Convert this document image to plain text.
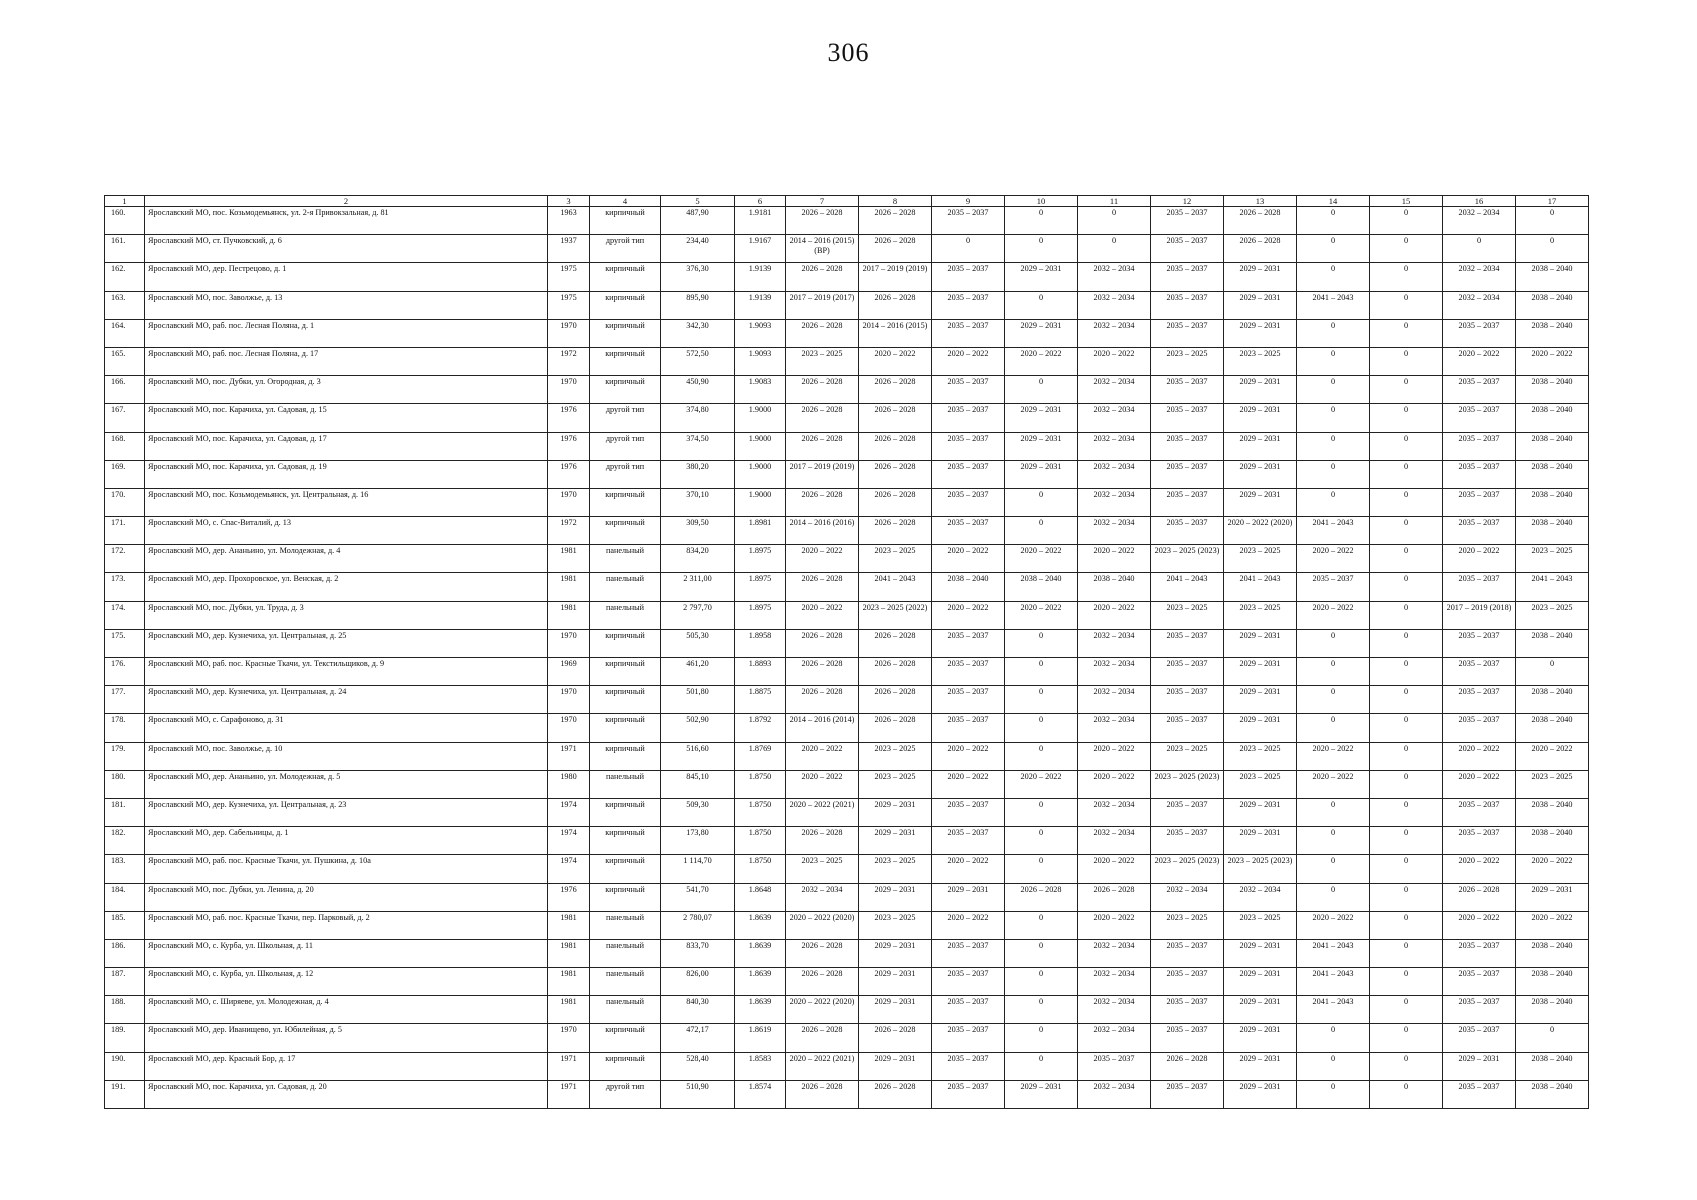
306
1	2	3	4	5	6	7	8	9	10	11	12	13	14	15	16	17
160.	Ярославский МО, пос. Козьмодемьянск, ул. 2-я Привокзальная, д. 81	1963	кирпичный	487,90	1.9181	2026 – 2028	2026 – 2028	2035 – 2037	0	0	2035 – 2037	2026 – 2028	0	0	2032 – 2034	0
161.	Ярославский МО, ст. Пучковский, д. 6	1937	другой тип	234,40	1.9167	2014 – 2016 (2015) (ВР)	2026 – 2028	0	0	0	2035 – 2037	2026 – 2028	0	0	0	0
162.	Ярославский МО, дер. Пестрецово, д. 1	1975	кирпичный	376,30	1.9139	2026 – 2028	2017 – 2019 (2019)	2035 – 2037	2029 – 2031	2032 – 2034	2035 – 2037	2029 – 2031	0	0	2032 – 2034	2038 – 2040
163.	Ярославский МО, пос. Заволжье, д. 13	1975	кирпичный	895,90	1.9139	2017 – 2019 (2017)	2026 – 2028	2035 – 2037	0	2032 – 2034	2035 – 2037	2029 – 2031	2041 – 2043	0	2032 – 2034	2038 – 2040
164.	Ярославский МО, раб. пос. Лесная Поляна, д. 1	1970	кирпичный	342,30	1.9093	2026 – 2028	2014 – 2016 (2015)	2035 – 2037	2029 – 2031	2032 – 2034	2035 – 2037	2029 – 2031	0	0	2035 – 2037	2038 – 2040
165.	Ярославский МО, раб. пос. Лесная Поляна, д. 17	1972	кирпичный	572,50	1.9093	2023 – 2025	2020 – 2022	2020 – 2022	2020 – 2022	2020 – 2022	2023 – 2025	2023 – 2025	0	0	2020 – 2022	2020 – 2022
166.	Ярославский МО, пос. Дубки, ул. Огородная, д. 3	1970	кирпичный	450,90	1.9083	2026 – 2028	2026 – 2028	2035 – 2037	0	2032 – 2034	2035 – 2037	2029 – 2031	0	0	2035 – 2037	2038 – 2040
167.	Ярославский МО, пос. Карачиха, ул. Садовая, д. 15	1976	другой тип	374,80	1.9000	2026 – 2028	2026 – 2028	2035 – 2037	2029 – 2031	2032 – 2034	2035 – 2037	2029 – 2031	0	0	2035 – 2037	2038 – 2040
168.	Ярославский МО, пос. Карачиха, ул. Садовая, д. 17	1976	другой тип	374,50	1.9000	2026 – 2028	2026 – 2028	2035 – 2037	2029 – 2031	2032 – 2034	2035 – 2037	2029 – 2031	0	0	2035 – 2037	2038 – 2040
169.	Ярославский МО, пос. Карачиха, ул. Садовая, д. 19	1976	другой тип	380,20	1.9000	2017 – 2019 (2019)	2026 – 2028	2035 – 2037	2029 – 2031	2032 – 2034	2035 – 2037	2029 – 2031	0	0	2035 – 2037	2038 – 2040
170.	Ярославский МО, пос. Козьмодемьянск, ул. Центральная, д. 16	1970	кирпичный	370,10	1.9000	2026 – 2028	2026 – 2028	2035 – 2037	0	2032 – 2034	2035 – 2037	2029 – 2031	0	0	2035 – 2037	2038 – 2040
171.	Ярославский МО, с. Спас-Виталий, д. 13	1972	кирпичный	309,50	1.8981	2014 – 2016 (2016)	2026 – 2028	2035 – 2037	0	2032 – 2034	2035 – 2037	2020 – 2022 (2020)	2041 – 2043	0	2035 – 2037	2038 – 2040
172.	Ярославский МО, дер. Ананьино, ул. Молодежная, д. 4	1981	панельный	834,20	1.8975	2020 – 2022	2023 – 2025	2020 – 2022	2020 – 2022	2020 – 2022	2023 – 2025 (2023)	2023 – 2025	2020 – 2022	0	2020 – 2022	2023 – 2025
173.	Ярославский МО, дер. Прохоровское, ул. Венская, д. 2	1981	панельный	2 311,00	1.8975	2026 – 2028	2041 – 2043	2038 – 2040	2038 – 2040	2038 – 2040	2041 – 2043	2041 – 2043	2035 – 2037	0	2035 – 2037	2041 – 2043
174.	Ярославский МО, пос. Дубки, ул. Труда, д. 3	1981	панельный	2 797,70	1.8975	2020 – 2022	2023 – 2025 (2022)	2020 – 2022	2020 – 2022	2020 – 2022	2023 – 2025	2023 – 2025	2020 – 2022	0	2017 – 2019 (2018)	2023 – 2025
175.	Ярославский МО, дер. Кузнечиха, ул. Центральная, д. 25	1970	кирпичный	505,30	1.8958	2026 – 2028	2026 – 2028	2035 – 2037	0	2032 – 2034	2035 – 2037	2029 – 2031	0	0	2035 – 2037	2038 – 2040
176.	Ярославский МО, раб. пос. Красные Ткачи, ул. Текстильщиков, д. 9	1969	кирпичный	461,20	1.8893	2026 – 2028	2026 – 2028	2035 – 2037	0	2032 – 2034	2035 – 2037	2029 – 2031	0	0	2035 – 2037	0
177.	Ярославский МО, дер. Кузнечиха, ул. Центральная, д. 24	1970	кирпичный	501,80	1.8875	2026 – 2028	2026 – 2028	2035 – 2037	0	2032 – 2034	2035 – 2037	2029 – 2031	0	0	2035 – 2037	2038 – 2040
178.	Ярославский МО, с. Сарафоново, д. 31	1970	кирпичный	502,90	1.8792	2014 – 2016 (2014)	2026 – 2028	2035 – 2037	0	2032 – 2034	2035 – 2037	2029 – 2031	0	0	2035 – 2037	2038 – 2040
179.	Ярославский МО, пос. Заволжье, д. 10	1971	кирпичный	516,60	1.8769	2020 – 2022	2023 – 2025	2020 – 2022	0	2020 – 2022	2023 – 2025	2023 – 2025	2020 – 2022	0	2020 – 2022	2020 – 2022
180.	Ярославский МО, дер. Ананьино, ул. Молодежная, д. 5	1980	панельный	845,10	1.8750	2020 – 2022	2023 – 2025	2020 – 2022	2020 – 2022	2020 – 2022	2023 – 2025 (2023)	2023 – 2025	2020 – 2022	0	2020 – 2022	2023 – 2025
181.	Ярославский МО, дер. Кузнечиха, ул. Центральная, д. 23	1974	кирпичный	509,30	1.8750	2020 – 2022 (2021)	2029 – 2031	2035 – 2037	0	2032 – 2034	2035 – 2037	2029 – 2031	0	0	2035 – 2037	2038 – 2040
182.	Ярославский МО, дер. Сабельницы, д. 1	1974	кирпичный	173,80	1.8750	2026 – 2028	2029 – 2031	2035 – 2037	0	2032 – 2034	2035 – 2037	2029 – 2031	0	0	2035 – 2037	2038 – 2040
183.	Ярославский МО, раб. пос. Красные Ткачи, ул. Пушкина, д. 10а	1974	кирпичный	1 114,70	1.8750	2023 – 2025	2023 – 2025	2020 – 2022	0	2020 – 2022	2023 – 2025 (2023)	2023 – 2025 (2023)	0	0	2020 – 2022	2020 – 2022
184.	Ярославский МО, пос. Дубки, ул. Ленина, д. 20	1976	кирпичный	541,70	1.8648	2032 – 2034	2029 – 2031	2029 – 2031	2026 – 2028	2026 – 2028	2032 – 2034	2032 – 2034	0	0	2026 – 2028	2029 – 2031
185.	Ярославский МО, раб. пос. Красные Ткачи, пер. Парковый, д. 2	1981	панельный	2 780,07	1.8639	2020 – 2022 (2020)	2023 – 2025	2020 – 2022	0	2020 – 2022	2023 – 2025	2023 – 2025	2020 – 2022	0	2020 – 2022	2020 – 2022
186.	Ярославский МО, с. Курба, ул. Школьная, д. 11	1981	панельный	833,70	1.8639	2026 – 2028	2029 – 2031	2035 – 2037	0	2032 – 2034	2035 – 2037	2029 – 2031	2041 – 2043	0	2035 – 2037	2038 – 2040
187.	Ярославский МО, с. Курба, ул. Школьная, д. 12	1981	панельный	826,00	1.8639	2026 – 2028	2029 – 2031	2035 – 2037	0	2032 – 2034	2035 – 2037	2029 – 2031	2041 – 2043	0	2035 – 2037	2038 – 2040
188.	Ярославский МО, с. Ширяеве, ул. Молодежная, д. 4	1981	панельный	840,30	1.8639	2020 – 2022 (2020)	2029 – 2031	2035 – 2037	0	2032 – 2034	2035 – 2037	2029 – 2031	2041 – 2043	0	2035 – 2037	2038 – 2040
189.	Ярославский МО, дер. Иванищево, ул. Юбилейная, д. 5	1970	кирпичный	472,17	1.8619	2026 – 2028	2026 – 2028	2035 – 2037	0	2032 – 2034	2035 – 2037	2029 – 2031	0	0	2035 – 2037	0
190.	Ярославский МО, дер. Красный Бор, д. 17	1971	кирпичный	528,40	1.8583	2020 – 2022 (2021)	2029 – 2031	2035 – 2037	0	2035 – 2037	2026 – 2028	2029 – 2031	0	0	2029 – 2031	2038 – 2040
191.	Ярославский МО, пос. Карачиха, ул. Садовая, д. 20	1971	другой тип	510,90	1.8574	2026 – 2028	2026 – 2028	2035 – 2037	2029 – 2031	2032 – 2034	2035 – 2037	2029 – 2031	0	0	2035 – 2037	2038 – 2040
